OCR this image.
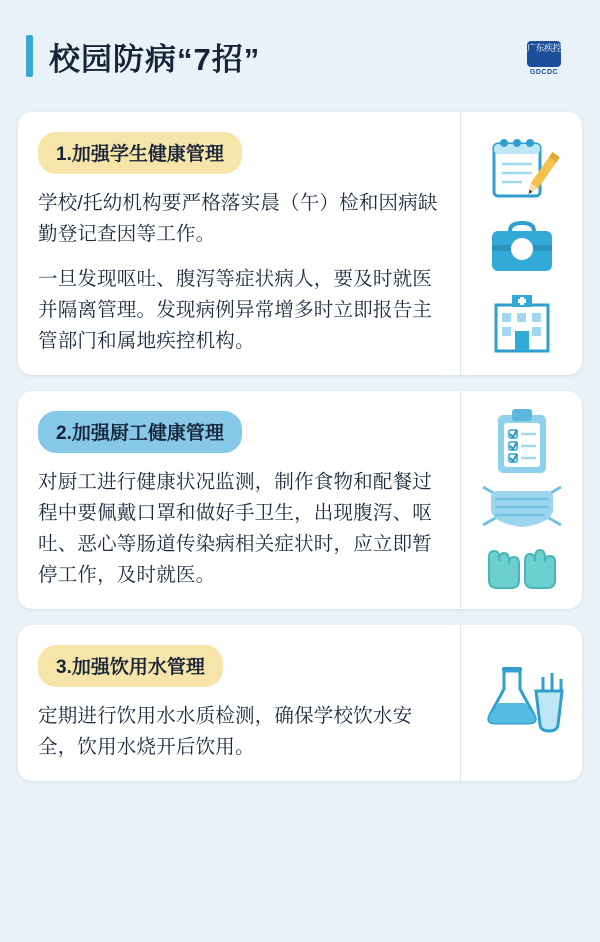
校园防病“7招”	广东疾控
GDCDC
1.加强学生健康管理

学校/托幼机构要严格落实晨（午）检和因病缺勤登记查因等工作。

一旦发现呕吐、腹泻等症状病人，要及时就医并隔离管理。发现病例异常增多时立即报告主管部门和属地疾控机构。

2.加强厨工健康管理

对厨工进行健康状况监测，制作食物和配餐过程中要佩戴口罩和做好手卫生，出现腹泻、呕吐、恶心等肠道传染病相关症状时，应立即暂停工作，及时就医。

3.加强饮用水管理

定期进行饮用水水质检测，确保学校饮水安全，饮用水烧开后饮用。
